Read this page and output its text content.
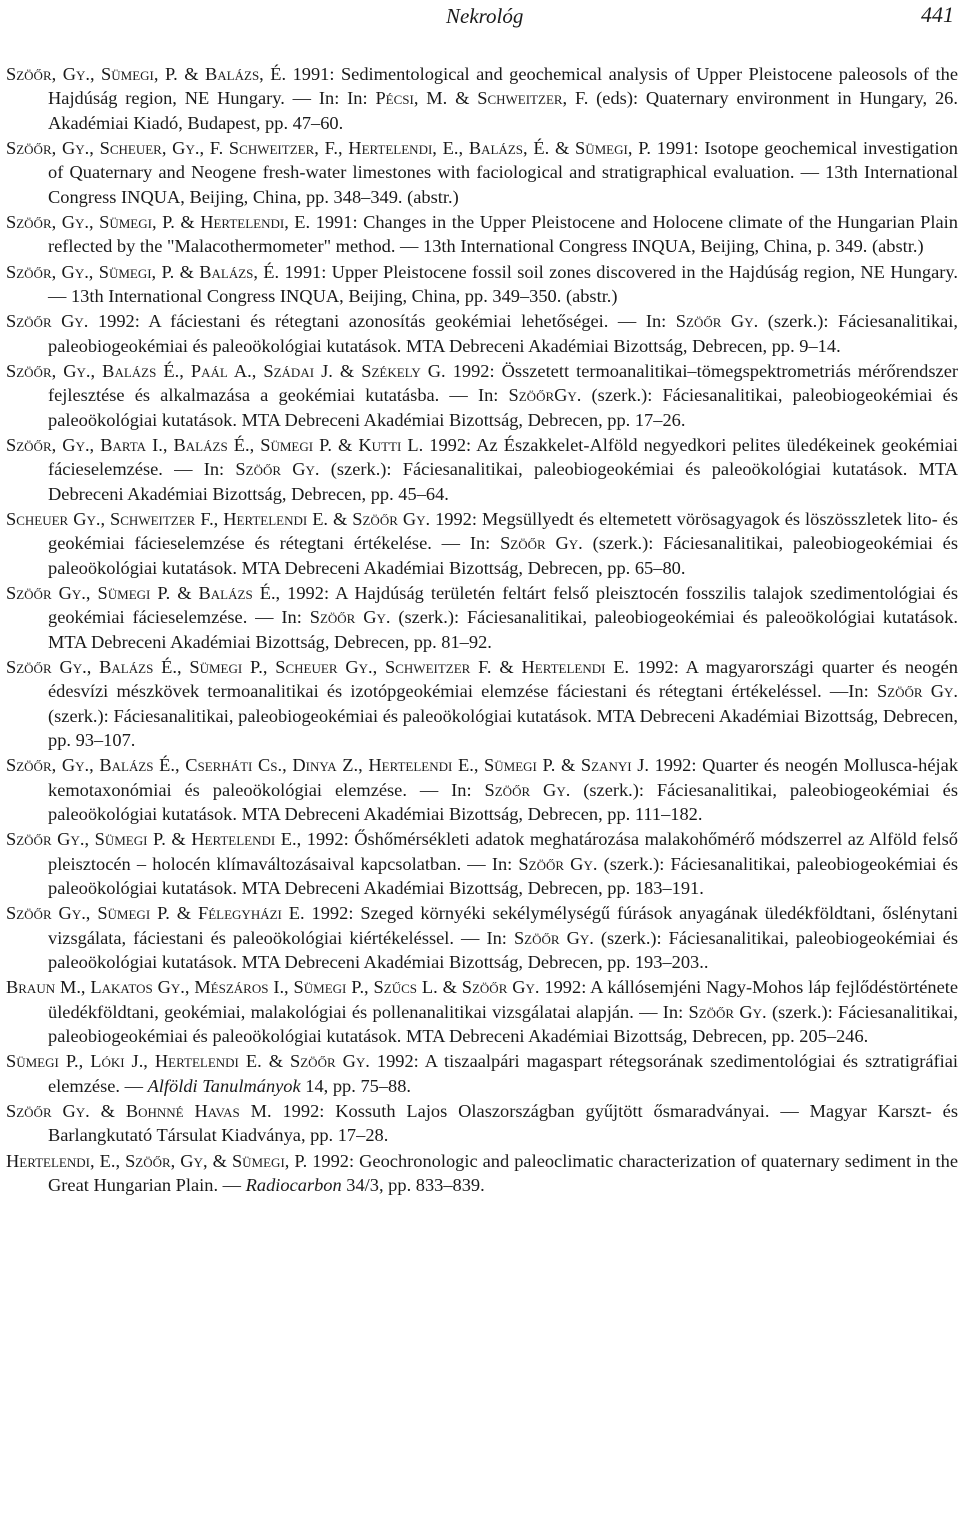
Nekrológ	441

Szöőr, Gy., Sümegi, P. & Balázs, É. 1991: Sedimentological and geochemical analysis of Upper Pleistocene paleosols of the Hajdúság region, NE Hungary. — In: In: Pécsi, M. & Schweitzer, F. (eds): Quaternary environment in Hungary, 26. Akadémiai Kiadó, Budapest, pp. 47–60.

Szöőr, Gy., Scheuer, Gy., F. Schweitzer, F., Hertelendi, E., Balázs, É. & Sümegi, P. 1991: Isotope geochemical investigation of Quaternary and Neogene fresh-water limestones with faciological and stratigraphical evaluation. — 13th International Congress INQUA, Beijing, China, pp. 348–349. (abstr.)

Szöőr, Gy., Sümegi, P. & Hertelendi, E. 1991: Changes in the Upper Pleistocene and Holocene climate of the Hungarian Plain reflected by the "Malacothermometer" method. — 13th International Congress INQUA, Beijing, China, p. 349. (abstr.)

Szöőr, Gy., Sümegi, P. & Balázs, É. 1991: Upper Pleistocene fossil soil zones discovered in the Hajdúság region, NE Hungary. — 13th International Congress INQUA, Beijing, China, pp. 349–350. (abstr.)

Szöőr Gy. 1992: A fáciestani és rétegtani azonosítás geokémiai lehetőségei. — In: Szöőr Gy. (szerk.): Fáciesanalitikai, paleobiogeokémiai és paleoökológiai kutatások. MTA Debreceni Akadémiai Bizottság, Debrecen, pp. 9–14.

Szöőr, Gy., Balázs É., Paál A., Szádai J. & Székely G. 1992: Összetett termoanalitikai–tömegspektrometriás mérőrendszer fejlesztése és alkalmazása a geokémiai kutatásba. — In: SzöőrGy. (szerk.): Fáciesanalitikai, paleobiogeokémiai és paleoökológiai kutatások. MTA Debreceni Akadémiai Bizottság, Debrecen, pp. 17–26.

Szöőr, Gy., Barta I., Balázs É., Sümegi P. & Kutti L. 1992: Az Északkelet-Alföld negyedkori pelites üledékeinek geokémiai fácieselemzése. — In: Szöőr Gy. (szerk.): Fáciesanalitikai, paleobiogeokémiai és paleoökológiai kutatások. MTA Debreceni Akadémiai Bizottság, Debrecen, pp. 45–64.

Scheuer Gy., Schweitzer F., Hertelendi E. & Szöőr Gy. 1992: Megsüllyedt és eltemetett vörösagyagok és löszösszletek lito- és geokémiai fácieselemzése és rétegtani értékelése. — In: Szöőr Gy. (szerk.): Fáciesanalitikai, paleobiogeokémiai és paleoökológiai kutatások. MTA Debreceni Akadémiai Bizottság, Debrecen, pp. 65–80.

Szöőr Gy., Sümegi P. & Balázs É., 1992: A Hajdúság területén feltárt felső pleisztocén fosszilis talajok szedimentológiai és geokémiai fácieselemzése. — In: Szöőr Gy. (szerk.): Fáciesanalitikai, paleobiogeokémiai és paleoökológiai kutatások. MTA Debreceni Akadémiai Bizottság, Debrecen, pp. 81–92.

Szöőr Gy., Balázs É., Sümegi P., Scheuer Gy., Schweitzer F. & Hertelendi E. 1992: A magyarországi quarter és neogén édesvízi mészkövek termoanalitikai és izotópgeokémiai elemzése fáciestani és rétegtani értékeléssel. —In: Szöőr Gy. (szerk.): Fáciesanalitikai, paleobiogeokémiai és paleoökológiai kutatások. MTA Debreceni Akadémiai Bizottság, Debrecen, pp. 93–107.

Szöőr, Gy., Balázs É., Cserháti Cs., Dinya Z., Hertelendi E., Sümegi P. & Szanyi J. 1992: Quarter és neogén Mollusca-héjak kemotaxonómiai és paleoökológiai elemzése. — In: Szöőr Gy. (szerk.): Fáciesanalitikai, paleobiogeokémiai és paleoökológiai kutatások. MTA Debreceni Akadémiai Bizottság, Debrecen, pp. 111–182.

Szöőr Gy., Sümegi P. & Hertelendi E., 1992: Őshőmérsékleti adatok meghatározása malakohőmérő módszerrel az Alföld felső pleisztocén – holocén klímaváltozásaival kapcsolatban. — In: Szöőr Gy. (szerk.): Fáciesanalitikai, paleobiogeokémiai és paleoökológiai kutatások. MTA Debreceni Akadémiai Bizottság, Debrecen, pp. 183–191.

Szöőr Gy., Sümegi P. & Félegyházi E. 1992: Szeged környéki sekélymélységű fúrások anyagának üledékföldtani, őslénytani vizsgálata, fáciestani és paleoökológiai kiértékeléssel. — In: Szöőr Gy. (szerk.): Fáciesanalitikai, paleobiogeokémiai és paleoökológiai kutatások. MTA Debreceni Akadémiai Bizottság, Debrecen, pp. 193–203..

Braun M., Lakatos Gy., Mészáros I., Sümegi P., Szűcs L. & Szöőr Gy. 1992: A kállósemjéni Nagy-Mohos láp fejlődéstörténete üledékföldtani, geokémiai, malakológiai és pollenanalitikai vizsgálatai alapján. — In: Szöőr Gy. (szerk.): Fáciesanalitikai, paleobiogeokémiai és paleoökológiai kutatások. MTA Debreceni Akadémiai Bizottság, Debrecen, pp. 205–246.

Sümegi P., Lóki J., Hertelendi E. & Szöőr Gy. 1992: A tiszaalpári magaspart rétegsorának szedimentológiai és sztratigráfiai elemzése. — Alföldi Tanulmányok 14, pp. 75–88.

Szöőr Gy. & Bohnné Havas M. 1992: Kossuth Lajos Olaszországban gyűjtött ősmaradványai. — Magyar Karszt- és Barlangkutató Társulat Kiadványa, pp. 17–28.

Hertelendi, E., Szöőr, Gy, & Sümegi, P. 1992: Geochronologic and paleoclimatic characterization of quaternary sediment in the Great Hungarian Plain. — Radiocarbon 34/3, pp. 833–839.
